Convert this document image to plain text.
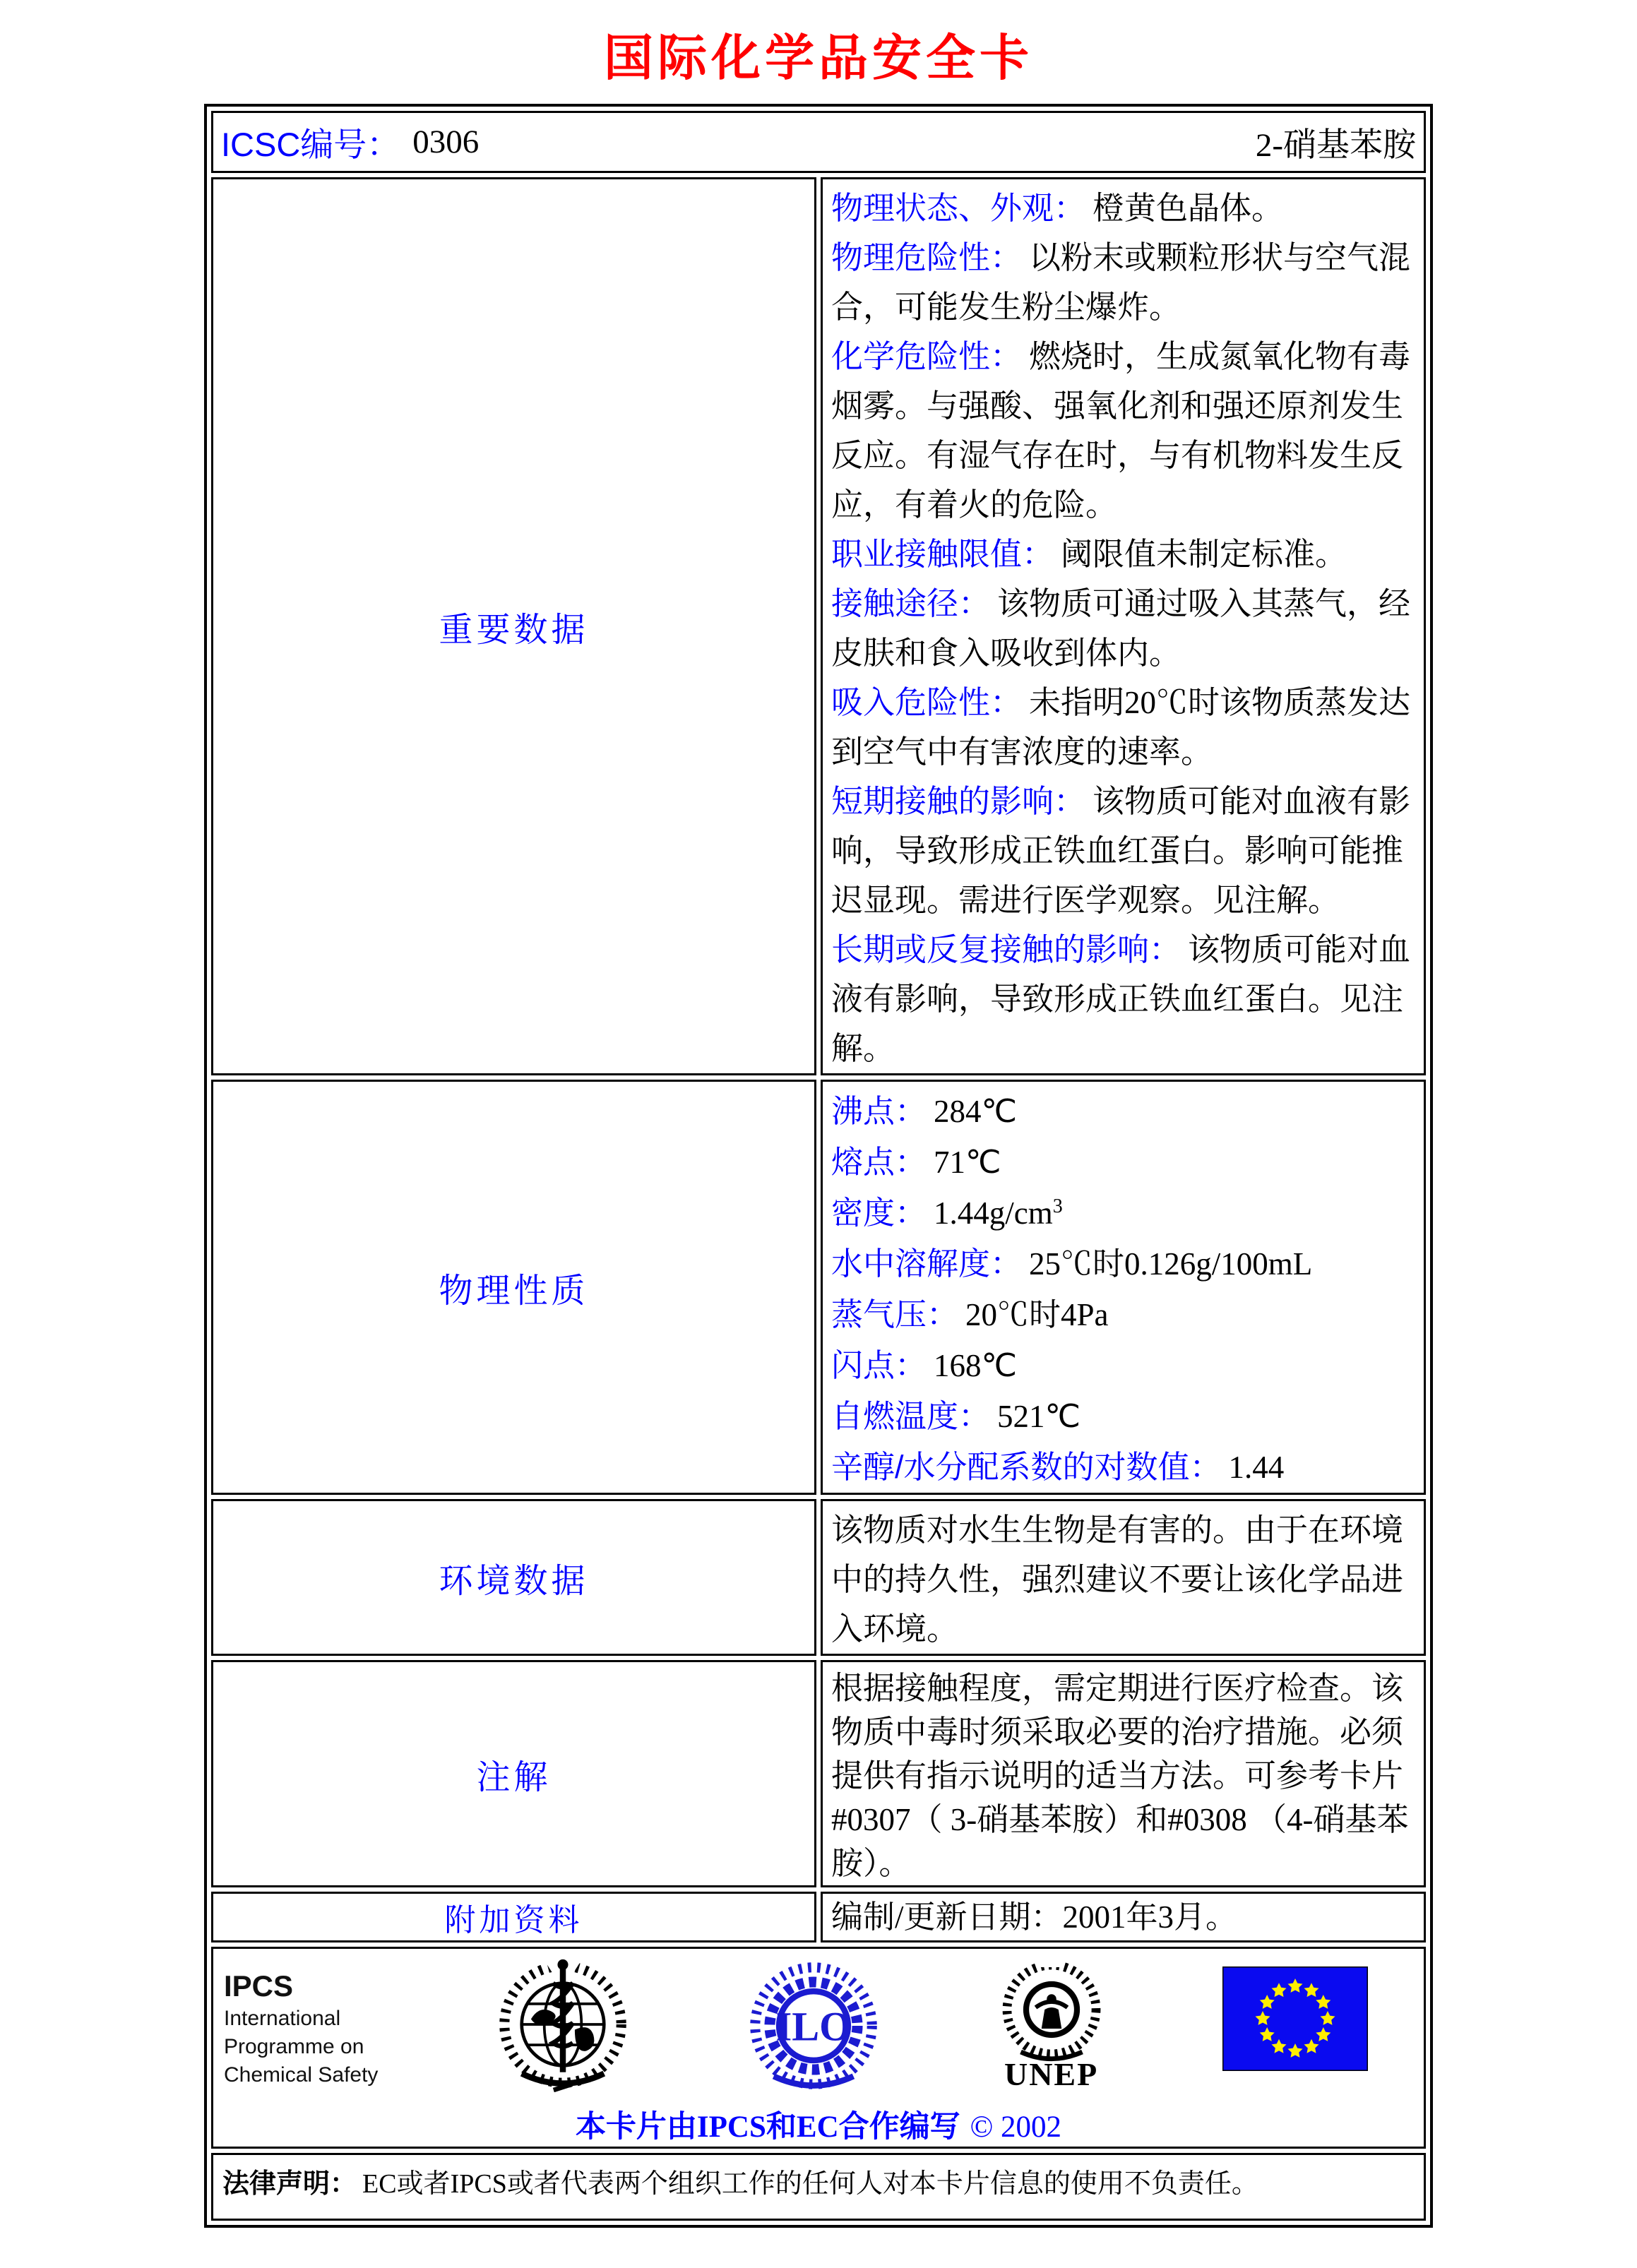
国际化学品安全卡
ICSC编号： 0306 2-硝基苯胺	

重要数据	
物理状态、外观： 橙黄色晶体。
物理危险性： 以粉末或颗粒形状与空气混合，可能发生粉尘爆炸。
化学危险性： 燃烧时，生成氮氧化物有毒烟雾。与强酸、强氧化剂和强还原剂发生反应。有湿气存在时，与有机物料发生反应，有着火的危险。
职业接触限值： 阈限值未制定标准。
接触途径： 该物质可通过吸入其蒸气，经皮肤和食入吸收到体内。
吸入危险性： 未指明20℃时该物质蒸发达到空气中有害浓度的速率。
短期接触的影响： 该物质可能对血液有影响，导致形成正铁血红蛋白。影响可能推迟显现。需进行医学观察。见注解。
长期或反复接触的影响： 该物质可能对血液有影响，导致形成正铁血红蛋白。见注解。

物理性质	
沸点： 284℃
熔点： 71℃
密度： $1.44g/cm^3$
水中溶解度： 25℃时0.126g/100mL
蒸气压： 20℃时4Pa
闪点： 168℃
自燃温度： 521℃
辛醇/水分配系数的对数值： 1.44

环境数据	该物质对水生生物是有害的。由于在环境中的持久性，强烈建议不要让该化学品进入环境。

注解	根据接触程度，需定期进行医疗检查。该物质中毒时须采取必要的治疗措施。必须提供有指示说明的适当方法。可参考卡片#0307（ 3-硝基苯胺）和#0308 （4-硝基苯胺）。

附加资料	编制/更新日期：2001年3月。

IPCS
International
Programme on
Chemical Safety
ILO
UNEP
本卡片由IPCS和EC合作编写 © 2002

法律声明： EC或者IPCS或者代表两个组织工作的任何人对本卡片信息的使用不负责任。	
